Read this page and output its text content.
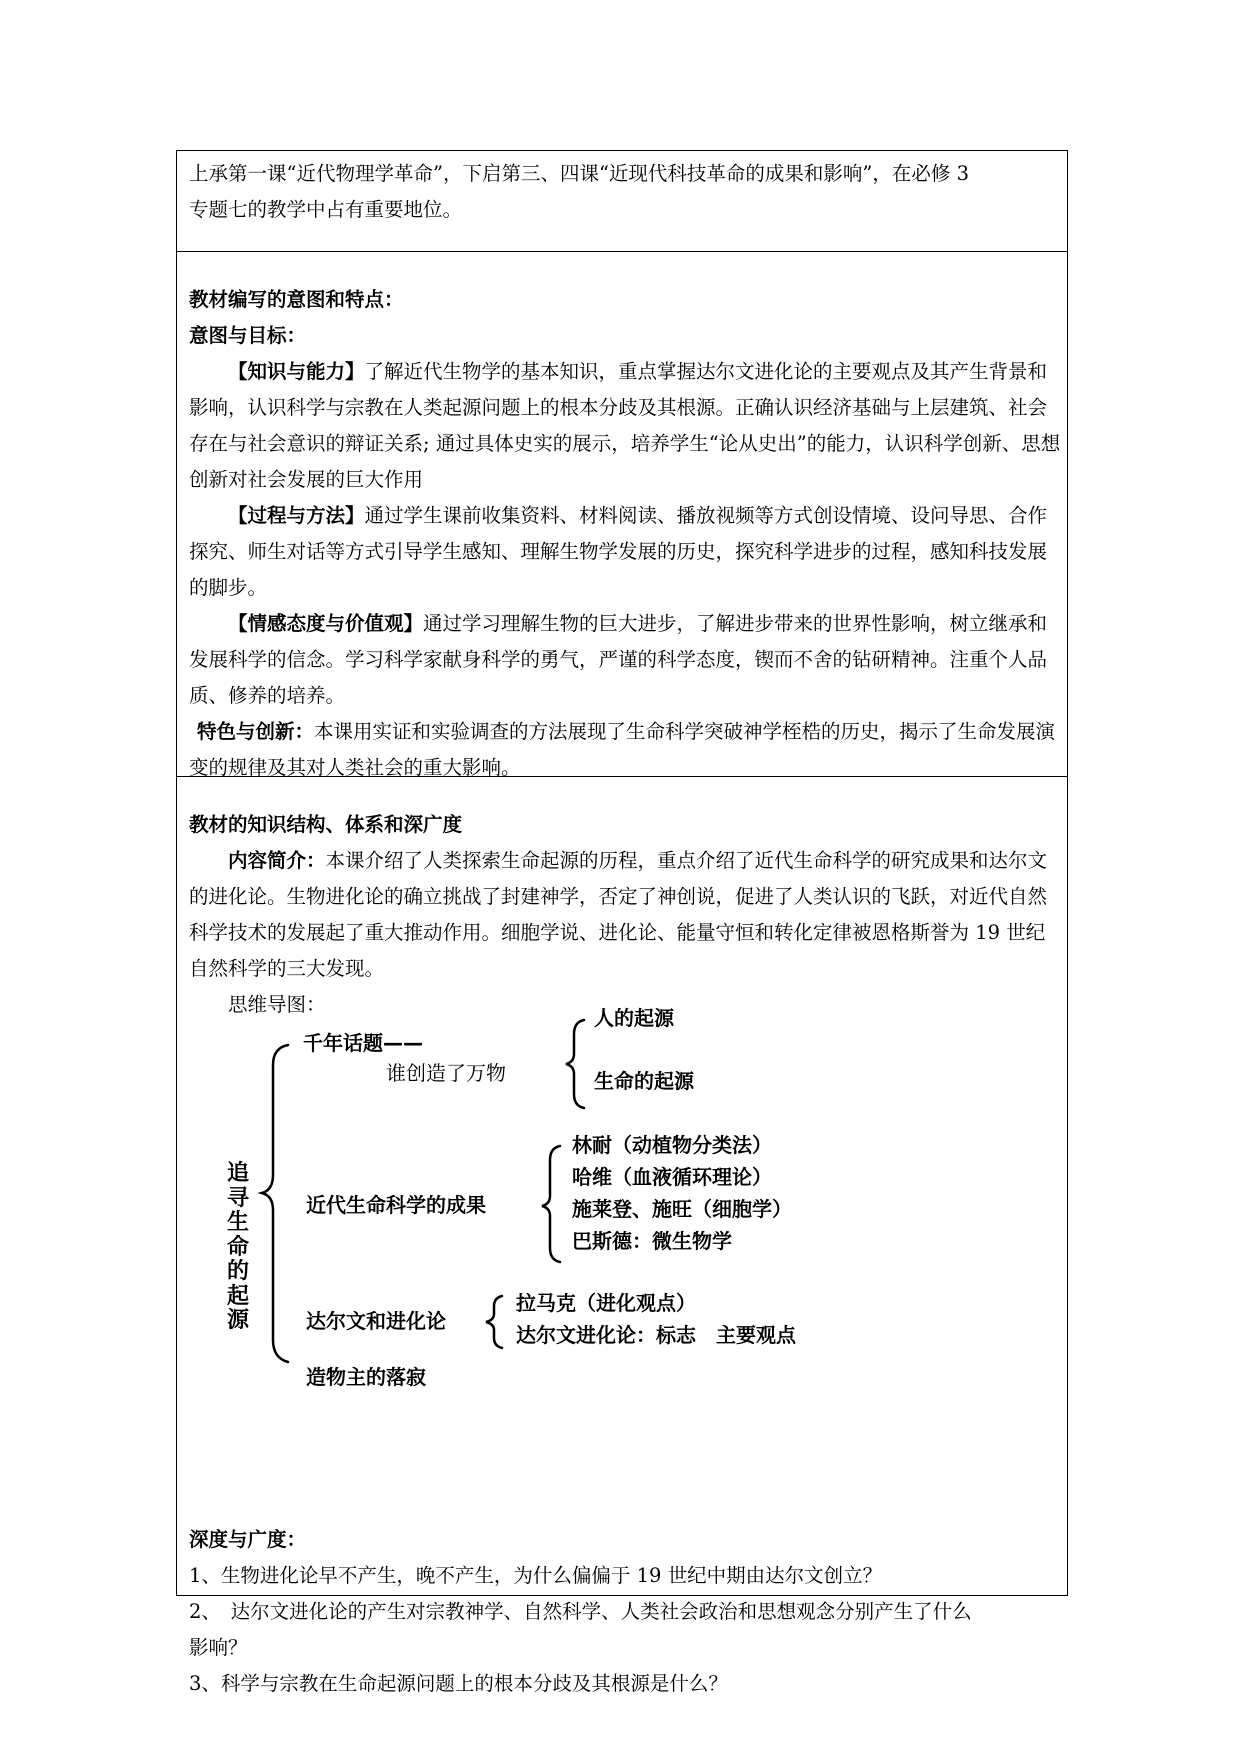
上承第一课“近代物理学革命”，下启第三、四课“近现代科技革命的成果和影响”，在必修 3

专题七的教学中占有重要地位。

教材编写的意图和特点：

意图与目标：

【知识与能力】了解近代生物学的基本知识，重点掌握达尔文进化论的主要观点及其产生背景和影响，认识科学与宗教在人类起源问题上的根本分歧及其根源。正确认识经济基础与上层建筑、社会存在与社会意识的辩证关系; 通过具体史实的展示，培养学生“论从史出”的能力，认识科学创新、思想创新对社会发展的巨大作用

【过程与方法】通过学生课前收集资料、材料阅读、播放视频等方式创设情境、设问导思、合作探究、师生对话等方式引导学生感知、理解生物学发展的历史，探究科学进步的过程，感知科技发展的脚步。

【情感态度与价值观】通过学习理解生物的巨大进步，了解进步带来的世界性影响，树立继承和发展科学的信念。学习科学家献身科学的勇气，严谨的科学态度，锲而不舍的钻研精神。注重个人品质、修养的培养。

特色与创新：本课用实证和实验调查的方法展现了生命科学突破神学桎梏的历史，揭示了生命发展演变的规律及其对人类社会的重大影响。

教材的知识结构、体系和深广度

内容简介：本课介绍了人类探索生命起源的历程，重点介绍了近代生命科学的研究成果和达尔文的进化论。生物进化论的确立挑战了封建神学，否定了神创说，促进了人类认识的飞跃，对近代自然科学技术的发展起了重大推动作用。细胞学说、进化论、能量守恒和转化定律被恩格斯誉为 19 世纪自然科学的三大发现。

思维导图：

深度与广度：

1、生物进化论早不产生，晚不产生，为什么偏偏于 19 世纪中期由达尔文创立？

2、　达尔文进化论的产生对宗教神学、自然科学、人类社会政治和思想观念分别产生了什么

影响？

3、科学与宗教在生命起源问题上的根本分歧及其根源是什么？

追
寻
生
命
的
起
源
千年话题——
谁创造了万物
人的起源
生命的起源
近代生命科学的成果
林耐（动植物分类法）
哈维（血液循环理论）
施莱登、施旺（细胞学）
巴斯德：微生物学
达尔文和进化论
拉马克（进化观点）
达尔文进化论：标志　主要观点
造物主的落寂
